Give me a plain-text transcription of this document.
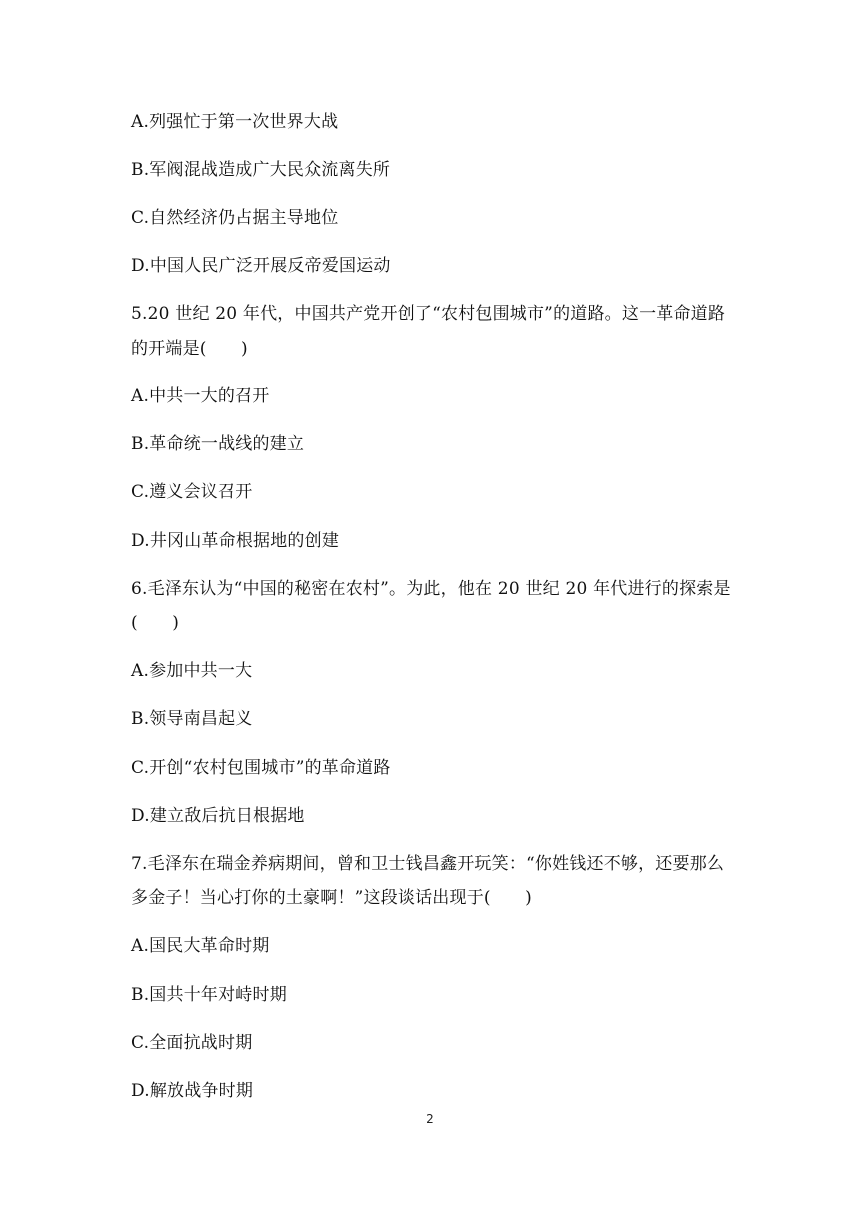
A.列强忙于第一次世界大战

B.军阀混战造成广大民众流离失所

C.自然经济仍占据主导地位

D.中国人民广泛开展反帝爱国运动

5.20 世纪 20 年代，中国共产党开创了“农村包围城市”的道路。这一革命道路

的开端是(　　)

A.中共一大的召开

B.革命统一战线的建立

C.遵义会议召开

D.井冈山革命根据地的创建

6.毛泽东认为“中国的秘密在农村”。为此，他在 20 世纪 20 年代进行的探索是

(　　)

A.参加中共一大

B.领导南昌起义

C.开创“农村包围城市”的革命道路

D.建立敌后抗日根据地

7.毛泽东在瑞金养病期间，曾和卫士钱昌鑫开玩笑：“你姓钱还不够，还要那么

多金子！当心打你的土豪啊！”这段谈话出现于(　　)

A.国民大革命时期

B.国共十年对峙时期

C.全面抗战时期

D.解放战争时期

2
